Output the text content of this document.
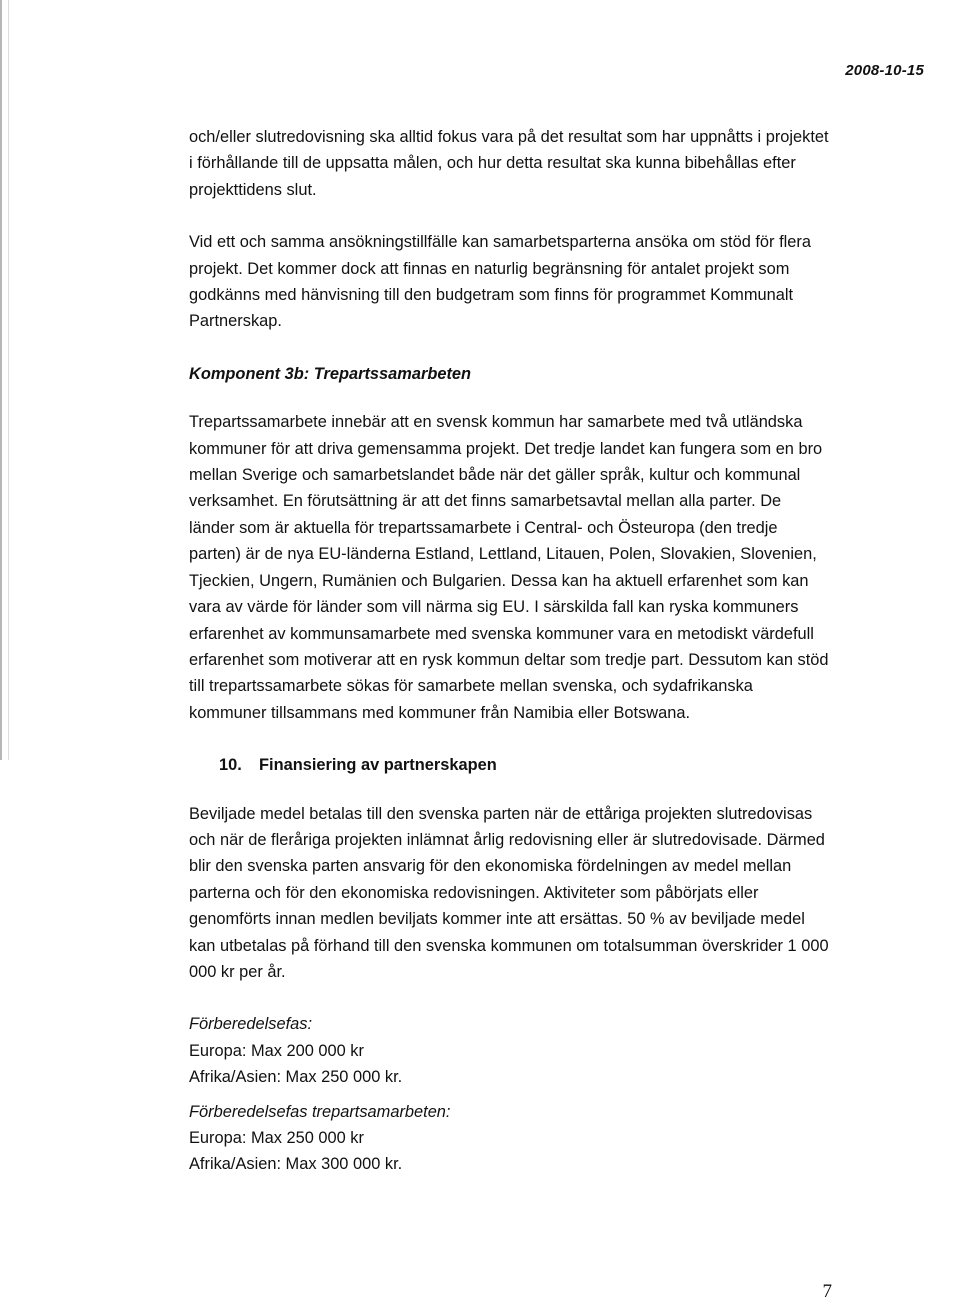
2008-10-15

och/eller slutredovisning ska alltid fokus vara på det resultat som har uppnåtts i projektet i förhållande till de uppsatta målen, och hur detta resultat ska kunna bibehållas efter projekttidens slut.

Vid ett och samma ansökningstillfälle kan samarbetsparterna ansöka om stöd för flera projekt. Det kommer dock att finnas en naturlig begränsning för antalet projekt som godkänns med hänvisning till den budgetram som finns för programmet Kommunalt Partnerskap.

Komponent 3b: Trepartssamarbeten

Trepartssamarbete innebär att en svensk kommun har samarbete med två utländska kommuner för att driva gemensamma projekt. Det tredje landet kan fungera som en bro mellan Sverige och samarbetslandet både när det gäller språk, kultur och kommunal verksamhet. En förutsättning är att det finns samarbetsavtal mellan alla parter. De länder som är aktuella för trepartssamarbete i Central- och Östeuropa (den tredje parten) är de nya EU-länderna Estland, Lettland, Litauen, Polen, Slovakien, Slovenien, Tjeckien, Ungern, Rumänien och Bulgarien. Dessa kan ha aktuell erfarenhet som kan vara av värde för länder som vill närma sig EU. I särskilda fall kan ryska kommuners erfarenhet av kommunsamarbete med svenska kommuner vara en metodiskt värdefull erfarenhet som motiverar att en rysk kommun deltar som tredje part. Dessutom kan stöd till trepartssamarbete sökas för samarbete mellan svenska, och sydafrikanska kommuner tillsammans med kommuner från Namibia eller Botswana.

10. Finansiering av partnerskapen

Beviljade medel betalas till den svenska parten när de ettåriga projekten slutredovisas och när de fleråriga projekten inlämnat årlig redovisning eller är slutredovisade. Därmed blir den svenska parten ansvarig för den ekonomiska fördelningen av medel mellan parterna och för den ekonomiska redovisningen. Aktiviteter som påbörjats eller genomförts innan medlen beviljats kommer inte att ersättas. 50 % av beviljade medel kan utbetalas på förhand till den svenska kommunen om totalsumman överskrider 1 000 000 kr per år.

Förberedelsefas:

Europa: Max 200 000 kr

Afrika/Asien: Max 250 000 kr.

Förberedelsefas trepartsamarbeten:

Europa: Max 250 000 kr

Afrika/Asien: Max 300 000 kr.

7
